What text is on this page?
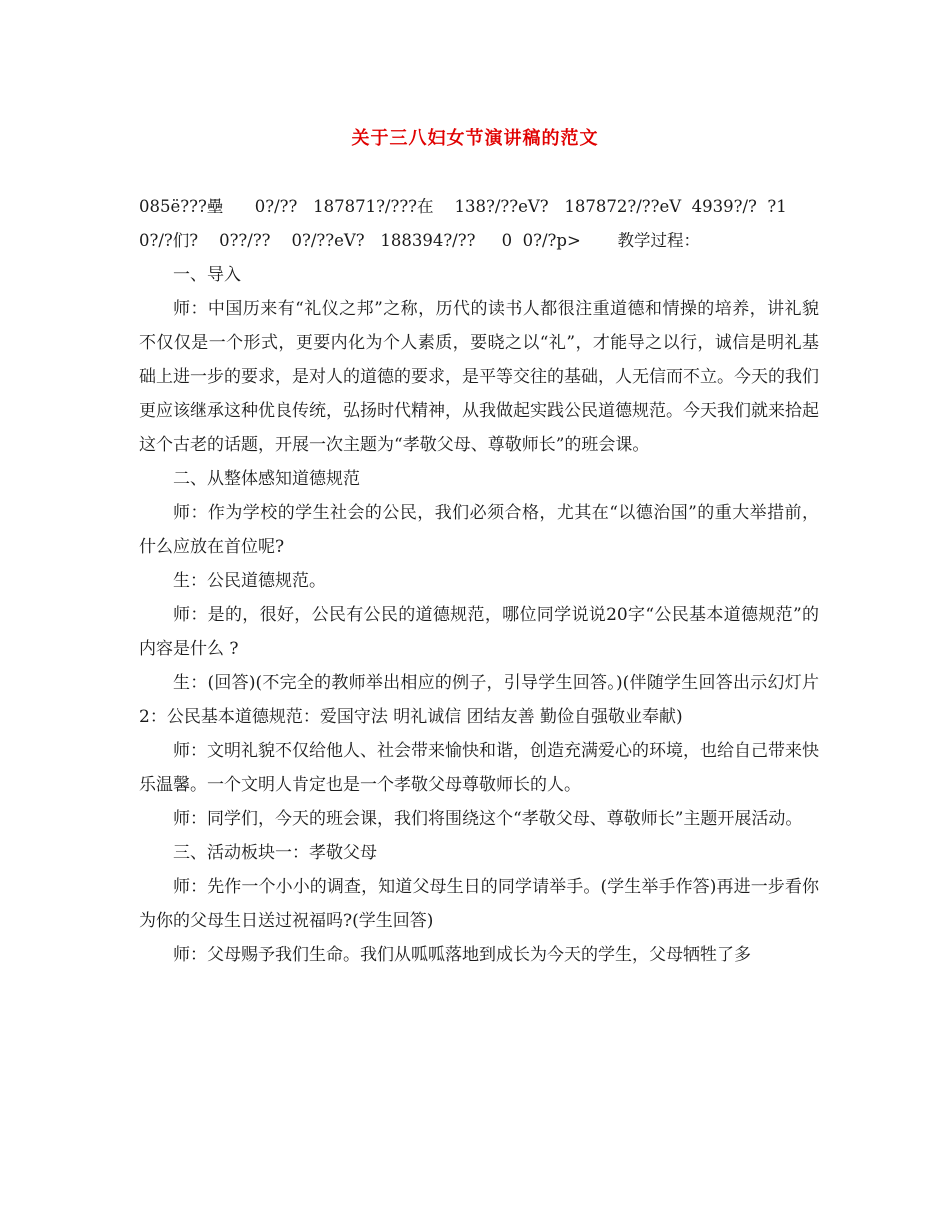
关于三八妇女节演讲稿的范文

085ё???壘      0?/??   187871?/???在    138?/??eV?   187872?/??eV  4939?/?  ?1  0?/?们?    0??/??    0?/??eV?   188394?/??     0  0?/?p>       教学过程：

一、导入

师：中国历来有“礼仪之邦”之称，历代的读书人都很注重道德和情操的培养，讲礼貌不仅仅是一个形式，更要内化为个人素质，要晓之以“礼”，才能导之以行，诚信是明礼基础上进一步的要求，是对人的道德的要求，是平等交往的基础，人无信而不立。今天的我们更应该继承这种优良传统，弘扬时代精神，从我做起实践公民道德规范。今天我们就来拾起这个古老的话题，开展一次主题为“孝敬父母、尊敬师长”的班会课。

二、从整体感知道德规范

师：作为学校的学生社会的公民，我们必须合格，尤其在“以德治国”的重大举措前，什么应放在首位呢?

生：公民道德规范。

师：是的，很好，公民有公民的道德规范，哪位同学说说20字“公民基本道德规范”的内容是什么 ?

生：(回答)(不完全的教师举出相应的例子，引导学生回答。)(伴随学生回答出示幻灯片2：公民基本道德规范：爱国守法 明礼诚信 团结友善 勤俭自强敬业奉献)

师：文明礼貌不仅给他人、社会带来愉快和谐，创造充满爱心的环境，也给自己带来快乐温馨。一个文明人肯定也是一个孝敬父母尊敬师长的人。

师：同学们，今天的班会课，我们将围绕这个“孝敬父母、尊敬师长”主题开展活动。

三、活动板块一：孝敬父母

师：先作一个小小的调查，知道父母生日的同学请举手。(学生举手作答)再进一步看你为你的父母生日送过祝福吗?(学生回答)

师：父母赐予我们生命。我们从呱呱落地到成长为今天的学生，父母牺牲了多
